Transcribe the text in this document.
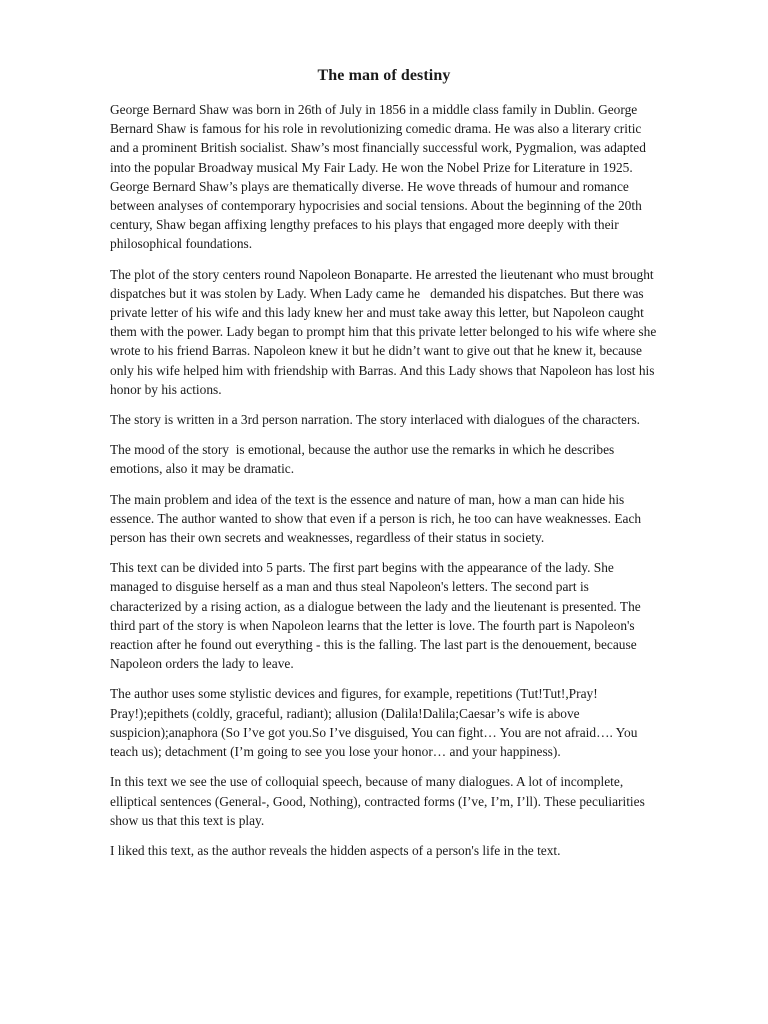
The man of destiny

George Bernard Shaw was born in 26th of July in 1856 in a middle class family in Dublin. George Bernard Shaw is famous for his role in revolutionizing comedic drama. He was also a literary critic and a prominent British socialist. Shaw’s most financially successful work, Pygmalion, was adapted into the popular Broadway musical My Fair Lady. He won the Nobel Prize for Literature in 1925. George Bernard Shaw’s plays are thematically diverse. He wove threads of humour and romance between analyses of contemporary hypocrisies and social tensions. About the beginning of the 20th century, Shaw began affixing lengthy prefaces to his plays that engaged more deeply with their philosophical foundations.

The plot of the story centers round Napoleon Bonaparte. He arrested the lieutenant who must brought dispatches but it was stolen by Lady. When Lady came he   demanded his dispatches. But there was private letter of his wife and this lady knew her and must take away this letter, but Napoleon caught them with the power. Lady began to prompt him that this private letter belonged to his wife where she wrote to his friend Barras. Napoleon knew it but he didn’t want to give out that he knew it, because only his wife helped him with friendship with Barras. And this Lady shows that Napoleon has lost his honor by his actions.

The story is written in a 3rd person narration. The story interlaced with dialogues of the characters.

The mood of the story  is emotional, because the author use the remarks in which he describes emotions, also it may be dramatic.

The main problem and idea of the text is the essence and nature of man, how a man can hide his essence. The author wanted to show that even if a person is rich, he too can have weaknesses. Each person has their own secrets and weaknesses, regardless of their status in society.

This text can be divided into 5 parts. The first part begins with the appearance of the lady. She managed to disguise herself as a man and thus steal Napoleon's letters. The second part is characterized by a rising action, as a dialogue between the lady and the lieutenant is presented. The third part of the story is when Napoleon learns that the letter is love. The fourth part is Napoleon's reaction after he found out everything - this is the falling. The last part is the denouement, because Napoleon orders the lady to leave.

The author uses some stylistic devices and figures, for example, repetitions (Tut!Tut!,Pray! Pray!);epithets (coldly, graceful, radiant); allusion (Dalila!Dalila;Caesar’s wife is above suspicion);anaphora (So I’ve got you.So I’ve disguised, You can fight… You are not afraid…. You teach us); detachment (I’m going to see you lose your honor… and your happiness).

In this text we see the use of colloquial speech, because of many dialogues. A lot of incomplete, elliptical sentences (General-, Good, Nothing), contracted forms (I’ve, I’m, I’ll). These peculiarities show us that this text is play.

I liked this text, as the author reveals the hidden aspects of a person's life in the text.
